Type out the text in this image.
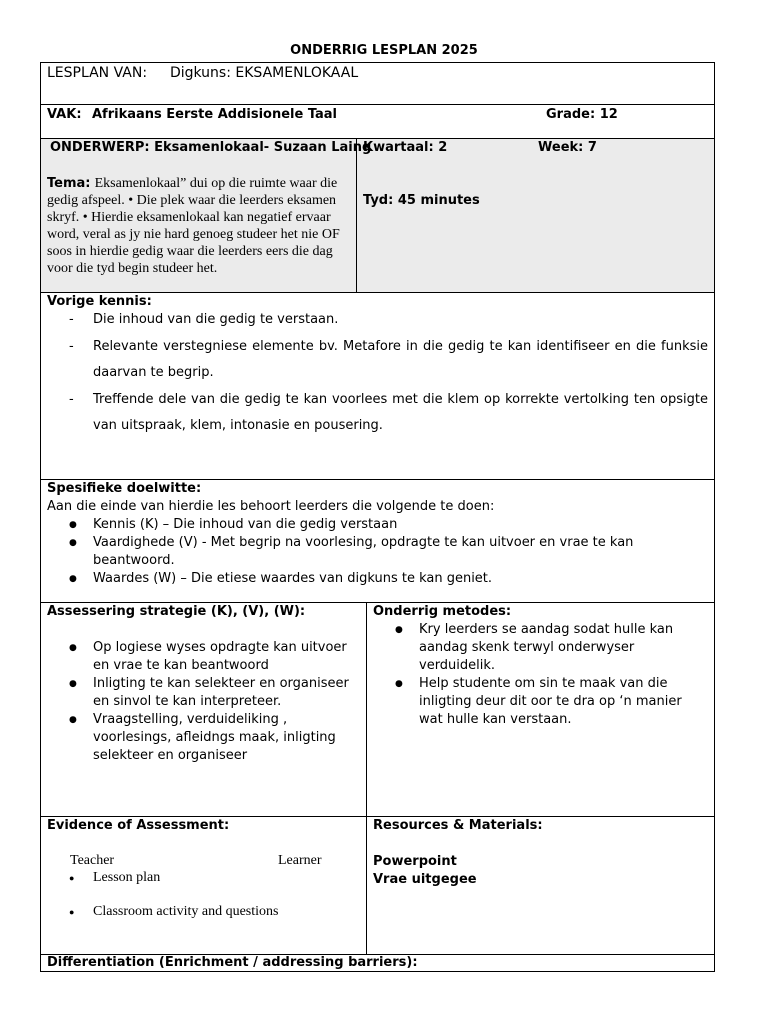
ONDERRIG LESPLAN 2025
LESPLAN VAN: Digkuns: EKSAMENLOKAAL
VAK: Afrikaans Eerste Addisionele Taal	Grade: 12
ONDERWERP: Eksamenlokaal- Suzaan Laing
Tema: Eksamenlokaal” dui op die ruimte waar die gedig afspeel. • Die plek waar die leerders eksamen skryf. • Hierdie eksamenlokaal kan negatief ervaar word, veral as jy nie hard genoeg studeer het nie OF soos in hierdie gedig waar die leerders eers die dag voor die tyd begin studeer het.
Kwartaal: 2	Week: 7
Tyd: 45 minutes
Vorige kennis:
- Die inhoud van die gedig te verstaan.
- Relevante verstegniese elemente bv. Metafore in die gedig te kan identifiseer en die funksie daarvan te begrip.
- Treffende dele van die gedig te kan voorlees met die klem op korrekte vertolking ten opsigte van uitspraak, klem, intonasie en pousering.
Spesifieke doelwitte:
Aan die einde van hierdie les behoort leerders die volgende te doen:
● Kennis (K) – Die inhoud van die gedig verstaan
● Vaardighede (V) - Met begrip na voorlesing, opdragte te kan uitvoer en vrae te kan beantwoord.
● Waardes (W) – Die etiese waardes van digkuns te kan geniet.
Assessering strategie (K), (V), (W):
● Op logiese wyses opdragte kan uitvoer en vrae te kan beantwoord
● Inligting te kan selekteer en organiseer en sinvol te kan interpreteer.
● Vraagstelling, verduideliking , voorlesings, afleidngs maak, inligting selekteer en organiseer
Onderrig metodes:
● Kry leerders se aandag sodat hulle kan aandag skenk terwyl onderwyser verduidelik.
● Help studente om sin te maak van die inligting deur dit oor te dra op ‘n manier wat hulle kan verstaan.
Evidence of Assessment:
Teacher	Learner
● Lesson plan
● Classroom activity and questions
Resources & Materials:
Powerpoint
Vrae uitgegee
Differentiation (Enrichment / addressing barriers):
